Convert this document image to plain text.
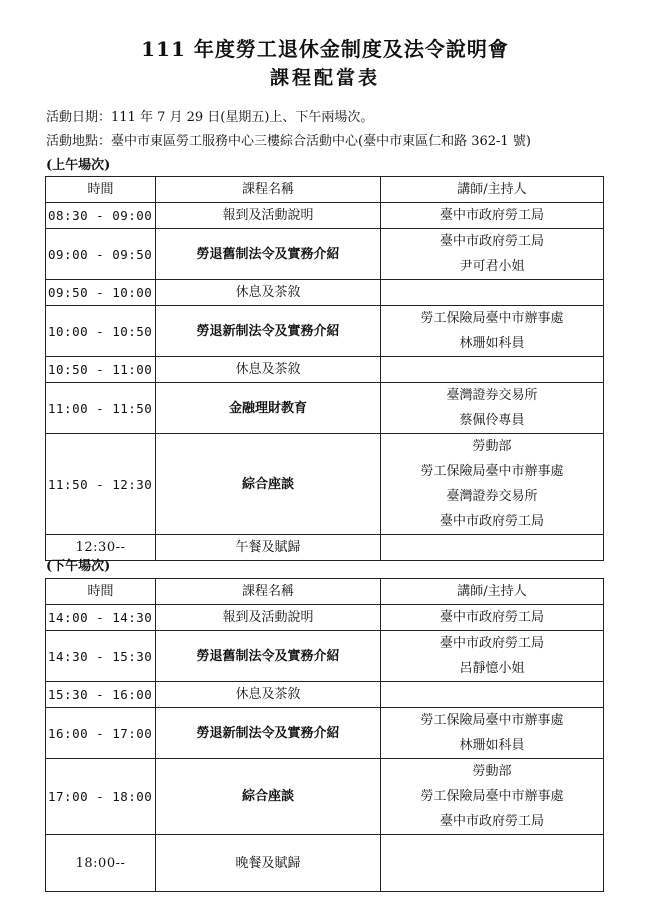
111 年度勞工退休金制度及法令說明會
課程配當表
活動日期：111 年 7 月 29 日(星期五)上、下午兩場次。
活動地點：臺中市東區勞工服務中心三樓綜合活動中心(臺中市東區仁和路 362-1 號)
(上午場次)
時間	課程名稱	講師/主持人
08:30 - 09:00	報到及活動說明	臺中市政府勞工局

09:00 - 09:50	勞退舊制法令及實務介紹	臺中市政府勞工局
尹可君小姐

09:50 - 10:00	休息及茶敘	
10:00 - 10:50	勞退新制法令及實務介紹	勞工保險局臺中市辦事處
林珊如科員

10:50 - 11:00	休息及茶敘	
11:00 - 11:50	金融理財教育	臺灣證券交易所
蔡佩伶專員

11:50 - 12:30	綜合座談	勞動部
勞工保險局臺中市辦事處
臺灣證券交易所
臺中市政府勞工局

12:30--	午餐及賦歸	
(下午場次)
時間	課程名稱	講師/主持人
14:00 - 14:30	報到及活動說明	臺中市政府勞工局

14:30 - 15:30	勞退舊制法令及實務介紹	臺中市政府勞工局
呂靜憶小姐

15:30 - 16:00	休息及茶敘	
16:00 - 17:00	勞退新制法令及實務介紹	勞工保險局臺中市辦事處
林珊如科員

17:00 - 18:00	綜合座談	勞動部
勞工保險局臺中市辦事處
臺中市政府勞工局

18:00--	晚餐及賦歸	
